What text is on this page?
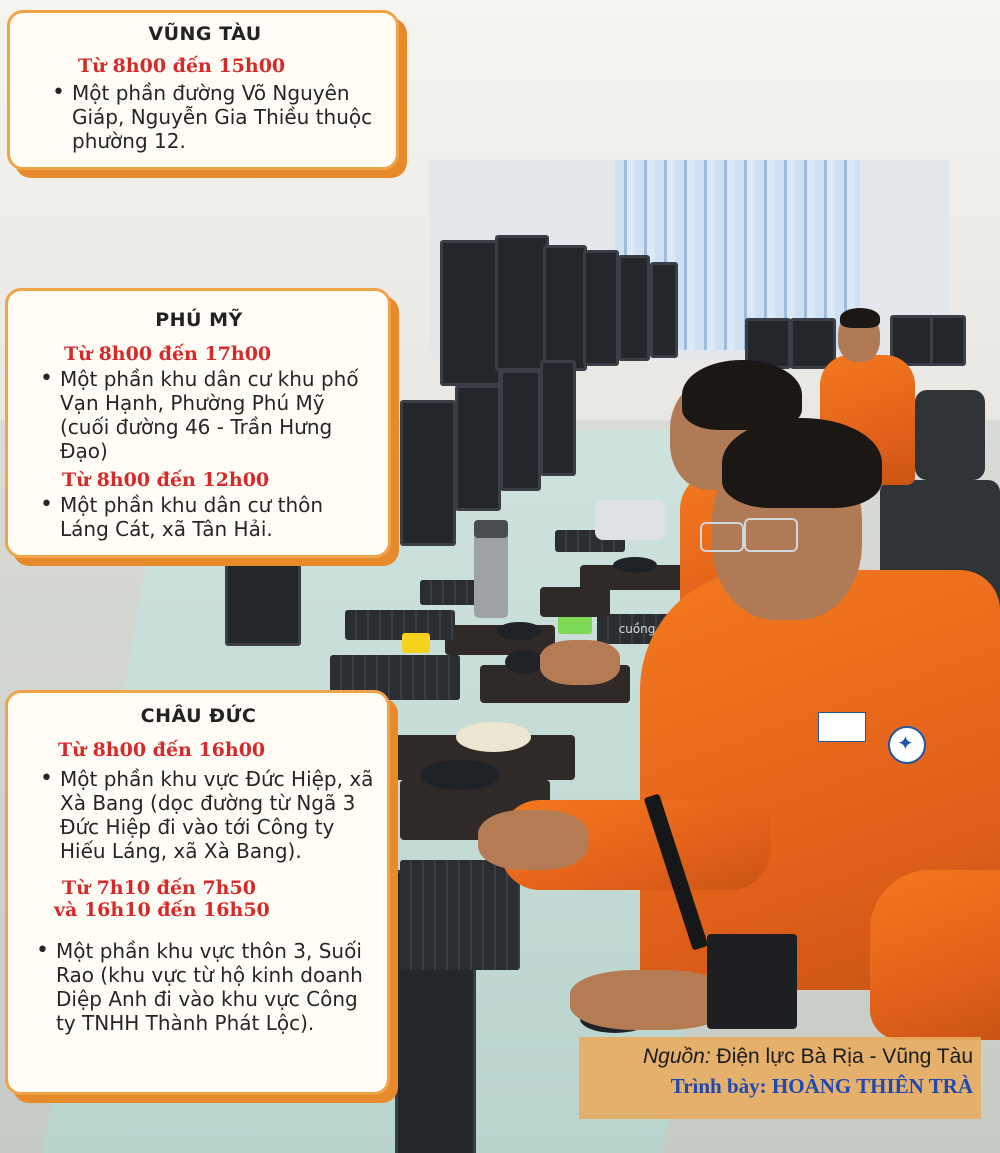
cuồng
✦
VŨNG TÀU
Từ 8h00 đến 15h00
• Một phần đường Võ Nguyên Giáp, Nguyễn Gia Thiều thuộc phường 12.
PHÚ MỸ
Từ 8h00 đến 17h00
• Một phần khu dân cư khu phố Vạn Hạnh, Phường Phú Mỹ (cuối đường 46 - Trần Hưng Đạo)
Từ 8h00 đến 12h00
• Một phần khu dân cư thôn Láng Cát, xã Tân Hải.
CHÂU ĐỨC
Từ 8h00 đến 16h00
• Một phần khu vực Đức Hiệp, xã Xà Bang (dọc đường từ Ngã 3 Đức Hiệp đi vào tới Công ty Hiếu Láng, xã Xà Bang).
Từ 7h10 đến 7h50
và 16h10 đến 16h50
• Một phần khu vực thôn 3, Suối Rao (khu vực từ hộ kinh doanh Diệp Anh đi vào khu vực Công ty TNHH Thành Phát Lộc).
Nguồn: Điện lực Bà Rịa - Vũng Tàu
Trình bày: HOÀNG THIÊN TRÀ
